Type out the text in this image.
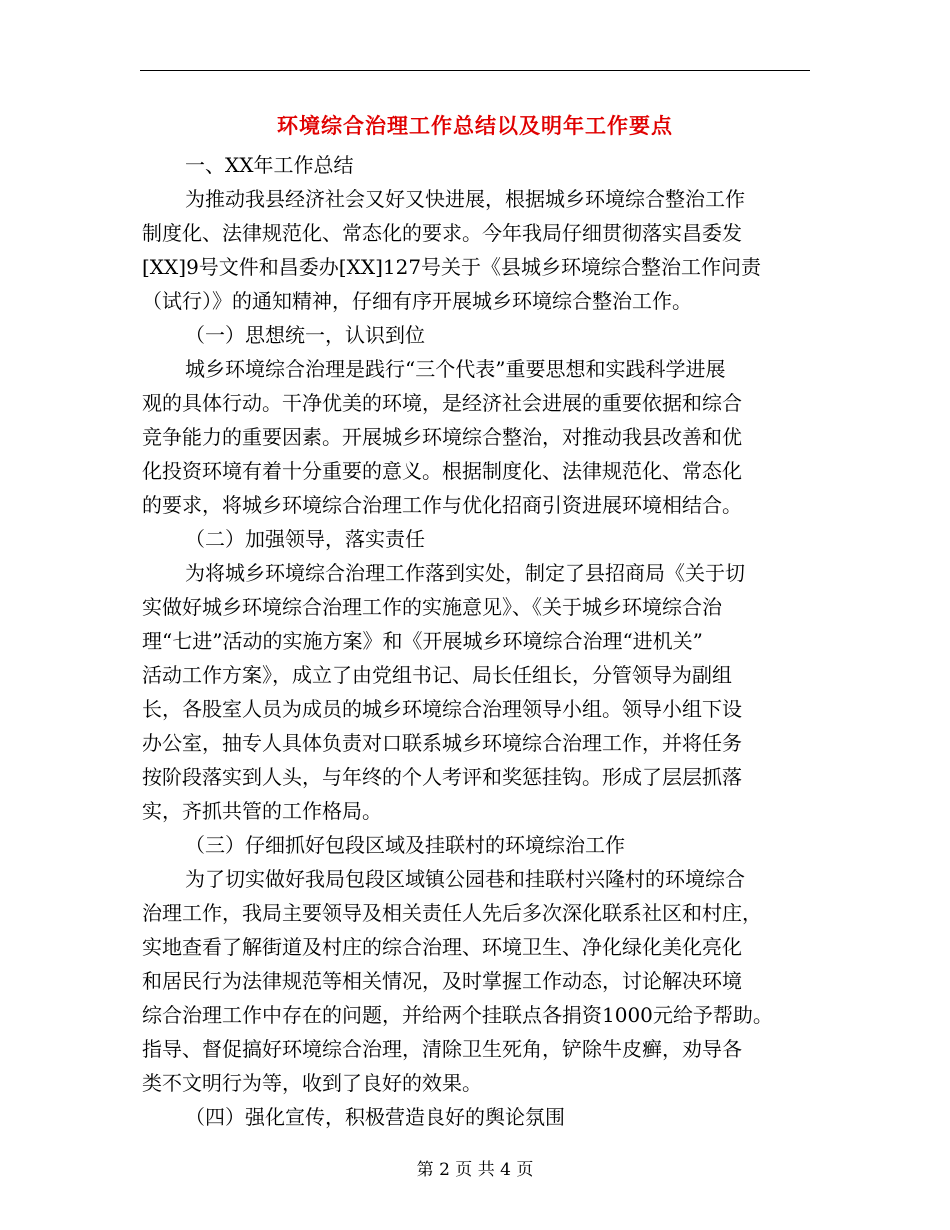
环境综合治理工作总结以及明年工作要点
一、XX年工作总结
为推动我县经济社会又好又快进展，根据城乡环境综合整治工作
制度化、法律规范化、常态化的要求。今年我局仔细贯彻落实昌委发
[XX]9号文件和昌委办[XX]127号关于《县城乡环境综合整治工作问责
（试行）》的通知精神，仔细有序开展城乡环境综合整治工作。
（一）思想统一，认识到位
城乡环境综合治理是践行“三个代表”重要思想和实践科学进展
观的具体行动。干净优美的环境，是经济社会进展的重要依据和综合
竞争能力的重要因素。开展城乡环境综合整治，对推动我县改善和优
化投资环境有着十分重要的意义。根据制度化、法律规范化、常态化
的要求，将城乡环境综合治理工作与优化招商引资进展环境相结合。
（二）加强领导，落实责任
为将城乡环境综合治理工作落到实处，制定了县招商局《关于切
实做好城乡环境综合治理工作的实施意见》、《关于城乡环境综合治
理“七进”活动的实施方案》和《开展城乡环境综合治理“进机关”
活动工作方案》，成立了由党组书记、局长任组长，分管领导为副组
长，各股室人员为成员的城乡环境综合治理领导小组。领导小组下设
办公室，抽专人具体负责对口联系城乡环境综合治理工作，并将任务
按阶段落实到人头，与年终的个人考评和奖惩挂钩。形成了层层抓落
实，齐抓共管的工作格局。
（三）仔细抓好包段区域及挂联村的环境综治工作
为了切实做好我局包段区域镇公园巷和挂联村兴隆村的环境综合
治理工作，我局主要领导及相关责任人先后多次深化联系社区和村庄，
实地查看了解街道及村庄的综合治理、环境卫生、净化绿化美化亮化
和居民行为法律规范等相关情况，及时掌握工作动态，讨论解决环境
综合治理工作中存在的问题，并给两个挂联点各捐资1000元给予帮助。
指导、督促搞好环境综合治理，清除卫生死角，铲除牛皮癣，劝导各
类不文明行为等，收到了良好的效果。
（四）强化宣传，积极营造良好的舆论氛围
第 2 页 共 4 页
